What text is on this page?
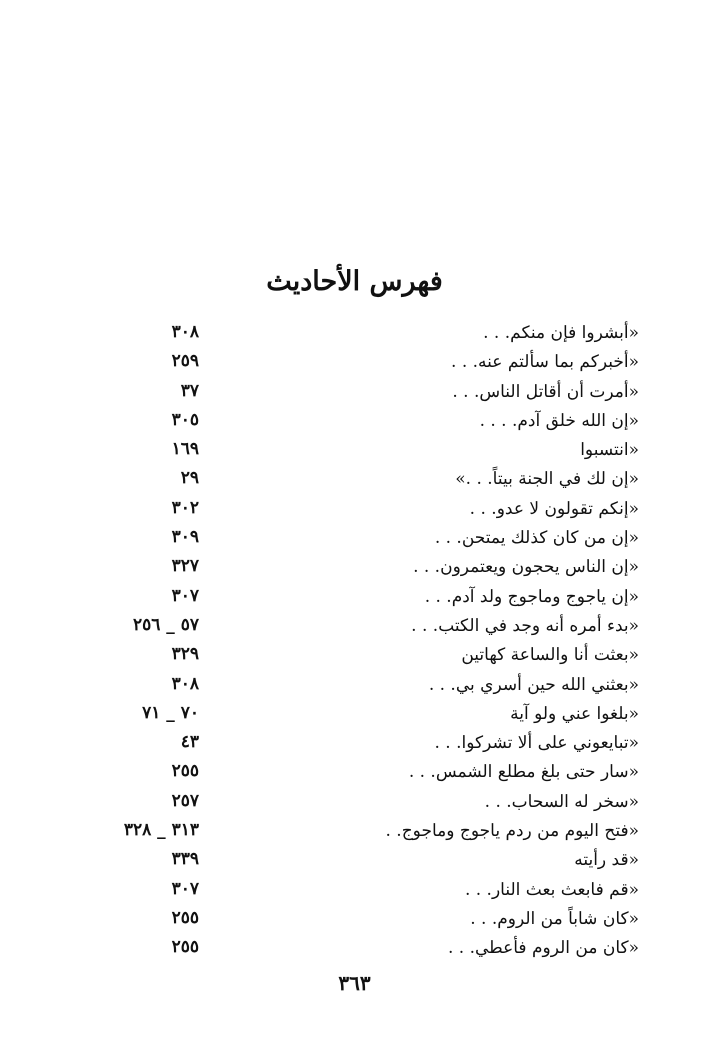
فهرس الأحاديث
«أبشروا فإن منكم. . .
٣٠٨
«أخبركم بما سألتم عنه. . .
٢٥٩
«أمرت أن أقاتل الناس. . .
٣٧
«إن الله خلق آدم. . . .
٣٠٥
«انتسبوا
١٦٩
«إن لك في الجنة بيتاً. . .»
٢٩
«إنكم تقولون لا عدو. . .
٣٠٢
«إن من كان كذلك يمتحن. . .
٣٠٩
«إن الناس يحجون ويعتمرون. . .
٣٢٧
«إن ياجوج وماجوج ولد آدم. . .
٣٠٧
«بدء أمره أنه وجد في الكتب. . .
٥٧ _ ٢٥٦
«بعثت أنا والساعة كهاتين
٣٢٩
«بعثني الله حين أسري بي. . .
٣٠٨
«بلغوا عني ولو آية
٧٠ _ ٧١
«تبايعوني على ألا تشركوا. . .
٤٣
«سار حتى بلغ مطلع الشمس. . .
٢٥٥
«سخر له السحاب. . .
٢٥٧
«فتح اليوم من ردم ياجوج وماجوج. .
٣١٣ _ ٣٢٨
«قد رأيته
٣٣٩
«قم فابعث بعث النار. . .
٣٠٧
«كان شاباً من الروم. . .
٢٥٥
«كان من الروم فأعطي. . .
٢٥٥
٣٦٣
